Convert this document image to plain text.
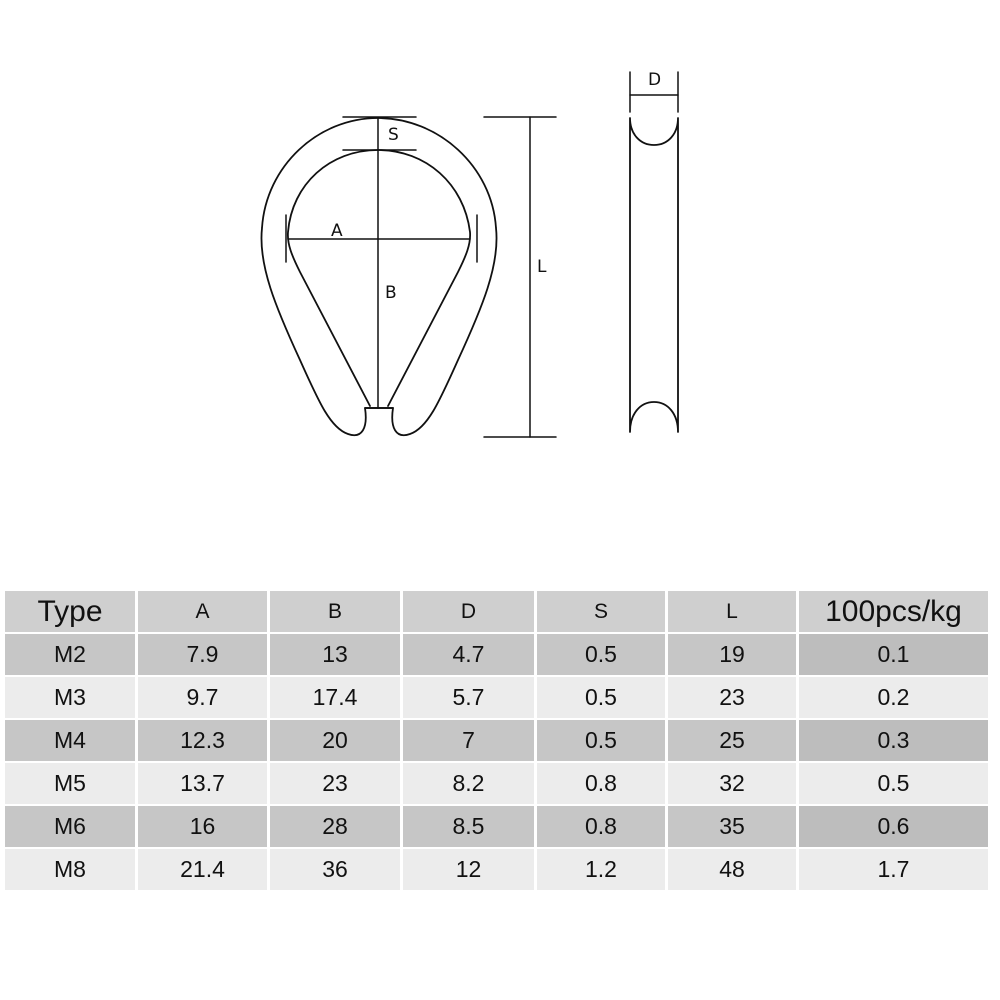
S
A
B
L
D
Type	A	B	D	S	L	100pcs/kg
M2	7.9	13	4.7	0.5	19	0.1
M3	9.7	17.4	5.7	0.5	23	0.2
M4	12.3	20	7	0.5	25	0.3
M5	13.7	23	8.2	0.8	32	0.5
M6	16	28	8.5	0.8	35	0.6
M8	21.4	36	12	1.2	48	1.7
